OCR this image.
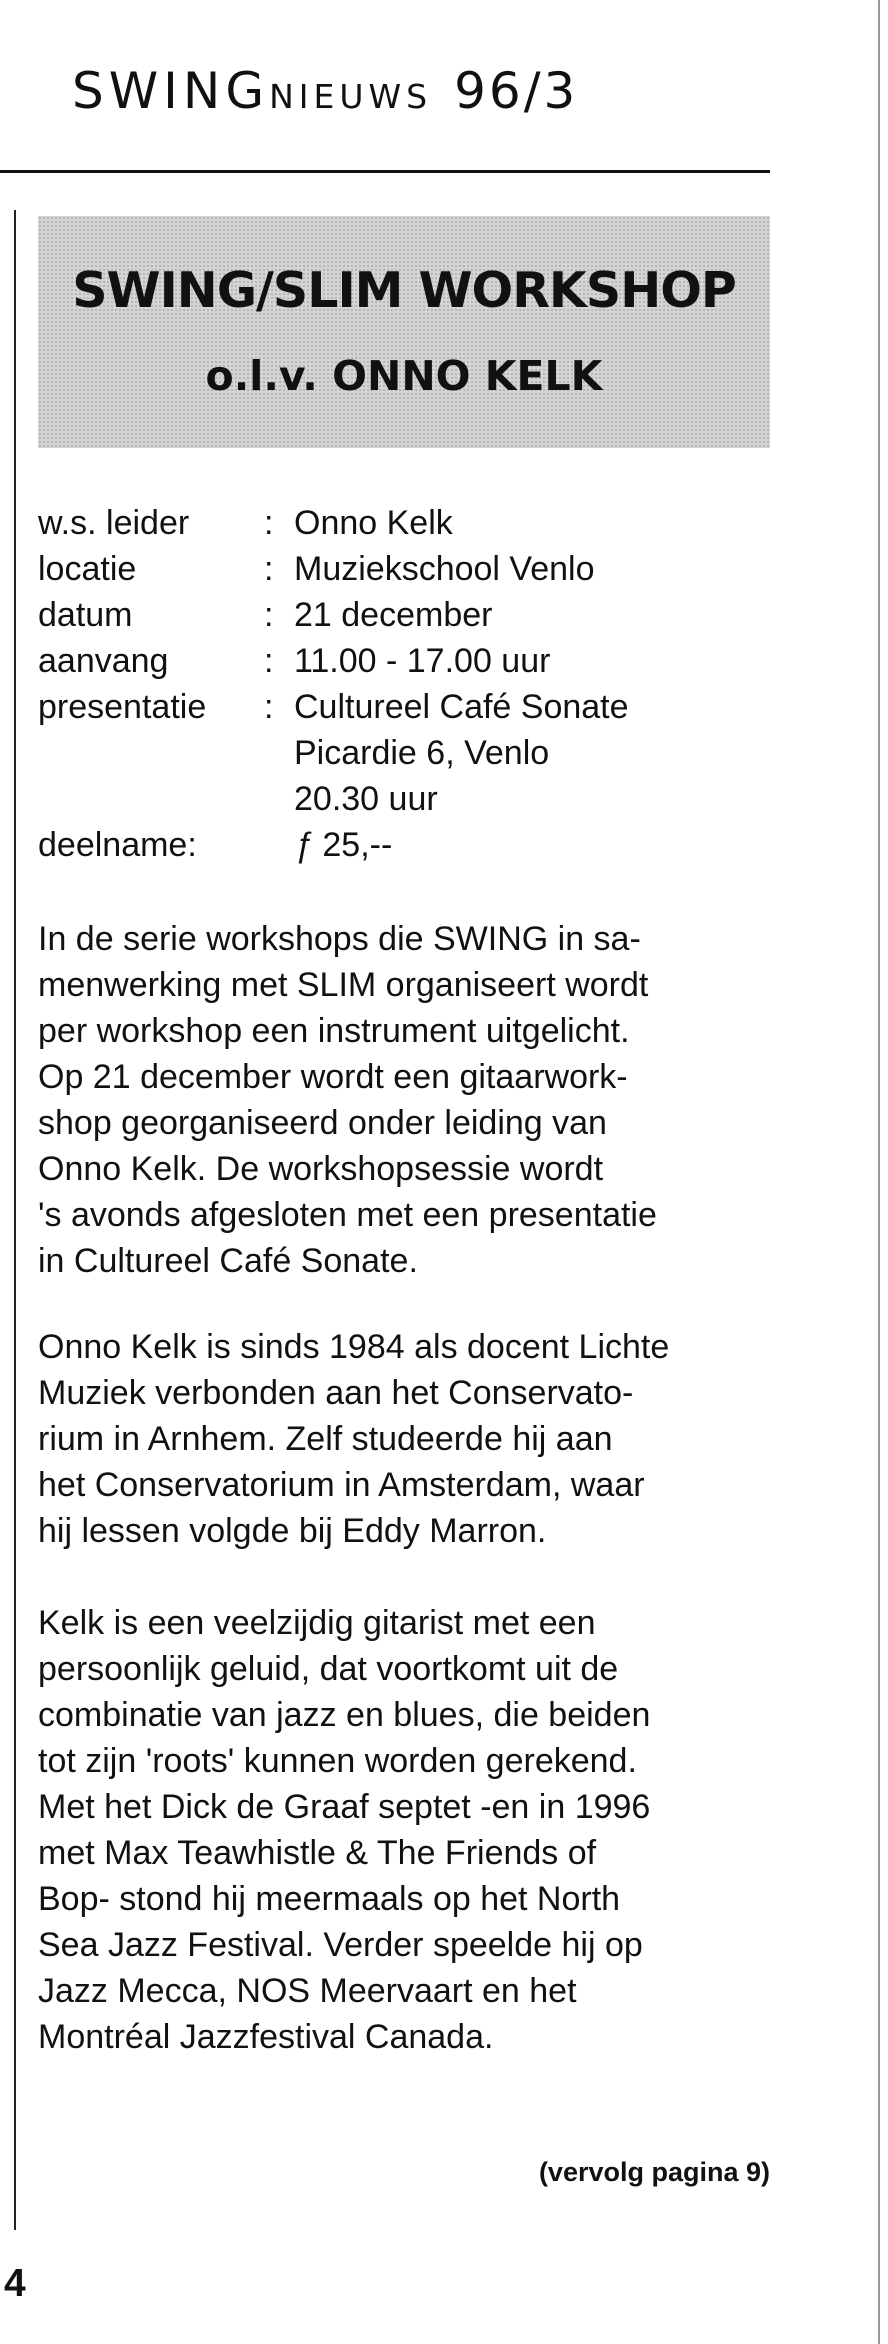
SWINGNIEUWS 96/3
SWING/SLIM WORKSHOP
o.l.v. ONNO KELK
w.s. leider : Onno Kelk
locatie	: Muziekschool Venlo
datum	: 21 december
aanvang	: 11.00 - 17.00 uur
presentatie : Cultureel Café Sonate
Picardie 6, Venlo
20.30 uur
deelname:	ƒ 25,--

In de serie workshops die SWING in sa-
menwerking met SLIM organiseert wordt
per workshop een instrument uitgelicht.
Op 21 december wordt een gitaarwork-
shop georganiseerd onder leiding van
Onno Kelk. De workshopsessie wordt
's avonds afgesloten met een presentatie
in Cultureel Café Sonate.

Onno Kelk is sinds 1984 als docent Lichte
Muziek verbonden aan het Conservato-
rium in Arnhem. Zelf studeerde hij aan
het Conservatorium in Amsterdam, waar
hij lessen volgde bij Eddy Marron.

Kelk is een veelzijdig gitarist met een
persoonlijk geluid, dat voortkomt uit de
combinatie van jazz en blues, die beiden
tot zijn 'roots' kunnen worden gerekend.
Met het Dick de Graaf septet -en in 1996
met Max Teawhistle & The Friends of
Bop- stond hij meermaals op het North
Sea Jazz Festival. Verder speelde hij op
Jazz Mecca, NOS Meervaart en het
Montréal Jazzfestival Canada.

(vervolg pagina 9)
4
